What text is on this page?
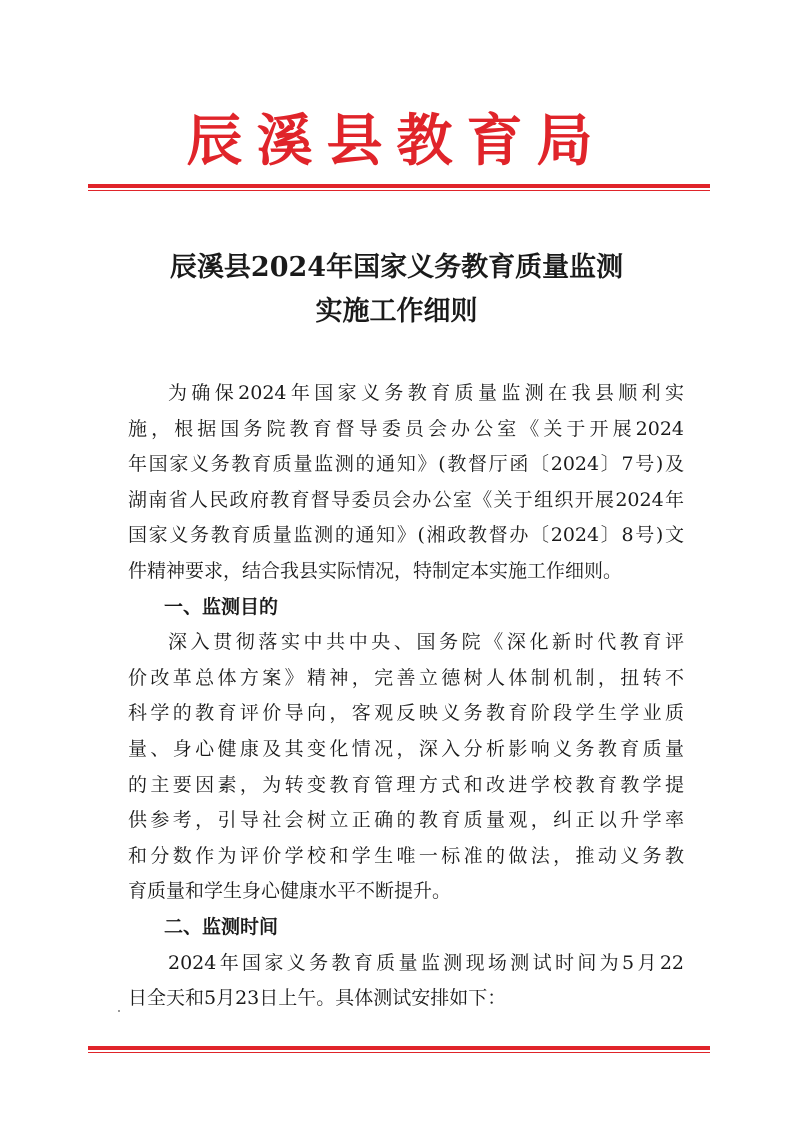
辰溪县教育局
辰溪县2024年国家义务教育质量监测
实施工作细则
为确保2024年国家义务教育质量监测在我县顺利实
施，根据国务院教育督导委员会办公室《关于开展2024
年国家义务教育质量监测的通知》(教督厅函〔2024〕7号)及
湖南省人民政府教育督导委员会办公室《关于组织开展2024年
国家义务教育质量监测的通知》(湘政教督办〔2024〕8号)文
件精神要求，结合我县实际情况，特制定本实施工作细则。
一、监测目的
深入贯彻落实中共中央、国务院《深化新时代教育评
价改革总体方案》精神，完善立德树人体制机制，扭转不
科学的教育评价导向，客观反映义务教育阶段学生学业质
量、身心健康及其变化情况，深入分析影响义务教育质量
的主要因素，为转变教育管理方式和改进学校教育教学提
供参考，引导社会树立正确的教育质量观，纠正以升学率
和分数作为评价学校和学生唯一标准的做法，推动义务教
育质量和学生身心健康水平不断提升。
二、监测时间
2024年国家义务教育质量监测现场测试时间为5月22
日全天和5月23日上午。具体测试安排如下：
